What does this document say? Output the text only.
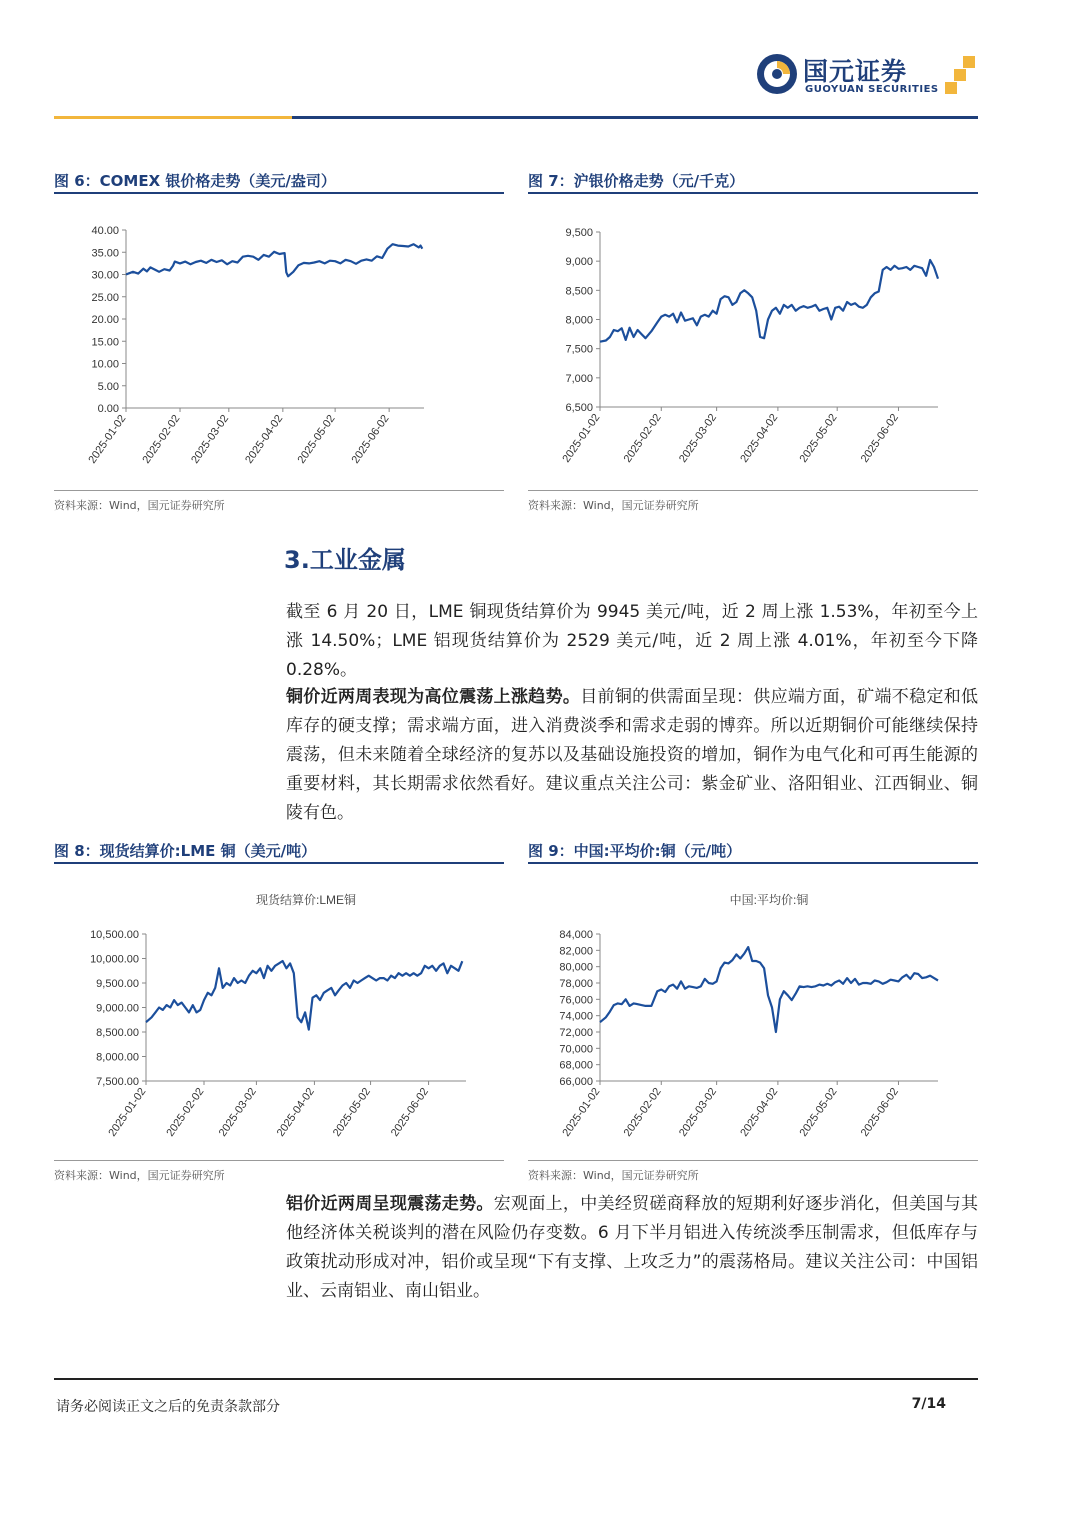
国元证券
GUOYUAN SECURITIES
图 6：COMEX 银价格走势（美元/盎司）
0.00
5.00
10.00
15.00
20.00
25.00
30.00
35.00
40.00
2025-01-02 2025-02-02 2025-03-02 2025-04-02 2025-05-02 2025-06-02
资料来源：Wind，国元证券研究所
图 7：沪银价格走势（元/千克）
6,500
7,000
7,500
8,000
8,500
9,000
9,500
2025-01-02 2025-02-02 2025-03-02 2025-04-02 2025-05-02 2025-06-02
资料来源：Wind，国元证券研究所
3.工业金属
截至 6 月 20 日，LME 铜现货结算价为 9945 美元/吨，近 2 周上涨 1.53%，年初至今上涨 14.50%；LME 铝现货结算价为 2529 美元/吨，近 2 周上涨 4.01%，年初至今下降 0.28%。
铜价近两周表现为高位震荡上涨趋势。目前铜的供需面呈现：供应端方面，矿端不稳定和低库存的硬支撑；需求端方面，进入消费淡季和需求走弱的博弈。所以近期铜价可能继续保持震荡，但未来随着全球经济的复苏以及基础设施投资的增加，铜作为电气化和可再生能源的重要材料，其长期需求依然看好。建议重点关注公司：紫金矿业、洛阳钼业、江西铜业、铜陵有色。
图 8：现货结算价:LME 铜（美元/吨）
现货结算价:LME铜
7,500.00
8,000.00
8,500.00
9,000.00
9,500.00
10,000.00
10,500.00
2025-01-02 2025-02-02 2025-03-02 2025-04-02 2025-05-02 2025-06-02
资料来源：Wind，国元证券研究所
图 9：中国:平均价:铜（元/吨）
中国:平均价:铜
66,000
68,000
70,000
72,000
74,000
76,000
78,000
80,000
82,000
84,000
2025-01-02 2025-02-02 2025-03-02 2025-04-02 2025-05-02 2025-06-02
资料来源：Wind，国元证券研究所
铝价近两周呈现震荡走势。宏观面上，中美经贸磋商释放的短期利好逐步消化，但美国与其他经济体关税谈判的潜在风险仍存变数。6 月下半月铝进入传统淡季压制需求，但低库存与政策扰动形成对冲，铝价或呈现“下有支撑、上攻乏力”的震荡格局。建议关注公司：中国铝业、云南铝业、南山铝业。
请务必阅读正文之后的免责条款部分	7/14
